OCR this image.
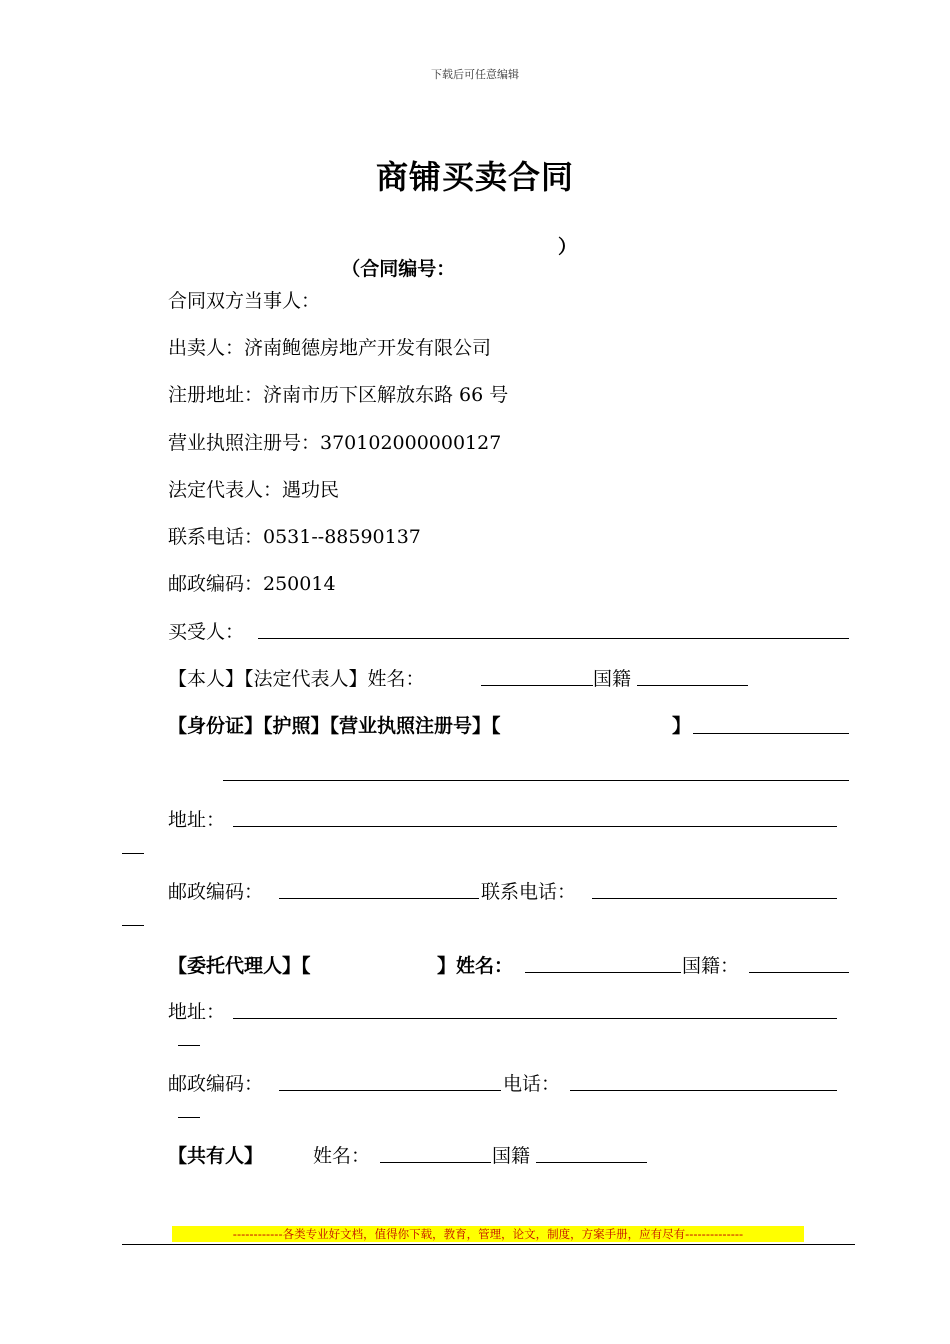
下载后可任意编辑
商铺买卖合同

（合同编号：

）

合同双方当事人：
出卖人：济南鲍德房地产开发有限公司
注册地址：济南市历下区解放东路 66 号
营业执照注册号：370102000000127
法定代表人：遇功民
联系电话：0531--88590137
邮政编码：250014
买受人：
【本人】【法定代表人】姓名：	国籍
【身份证】【护照】【营业执照注册号】【	】
地址：
邮政编码：	联系电话：
【委托代理人】【	】姓名：	国籍：
地址：
邮政编码：	电话：
【共有人】	姓名：	国籍
------------各类专业好文档，值得你下载，教育，管理，论文，制度，方案手册，应有尽有--------------
